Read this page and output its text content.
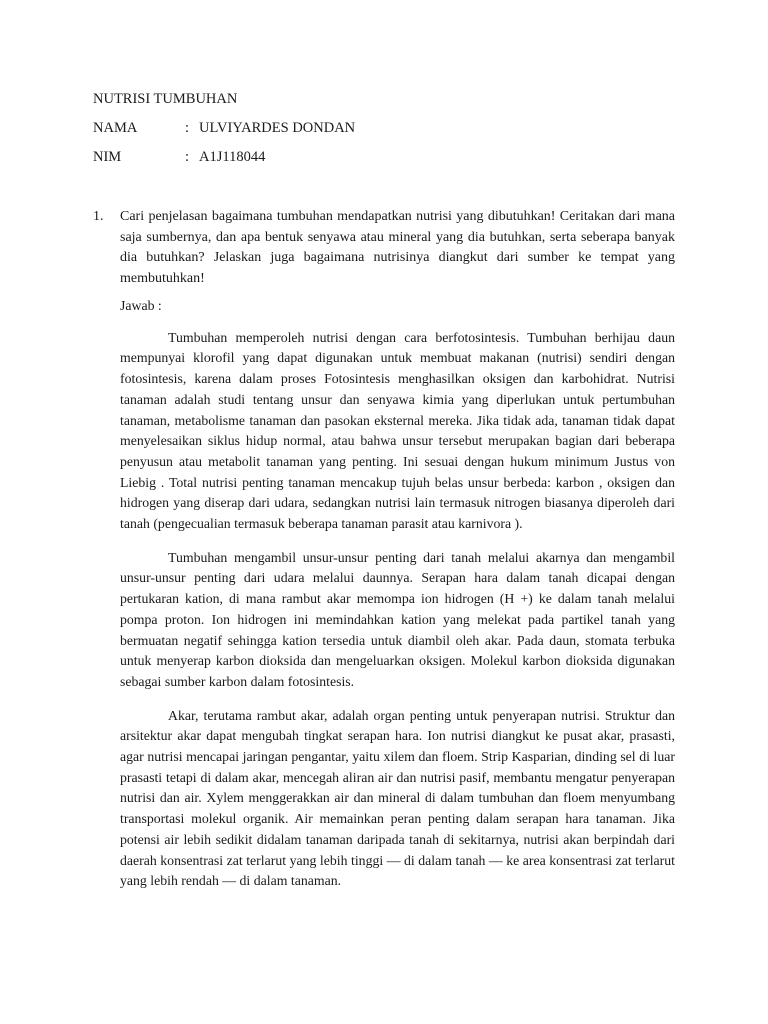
NUTRISI TUMBUHAN
NAMA	: ULVIYARDES DONDAN
NIM	: A1J118044
1. Cari penjelasan bagaimana tumbuhan mendapatkan nutrisi yang dibutuhkan! Ceritakan dari mana saja sumbernya, dan apa bentuk senyawa atau mineral yang dia butuhkan, serta seberapa banyak dia butuhkan? Jelaskan juga bagaimana nutrisinya diangkut dari sumber ke tempat yang membutuhkan!

Jawab :

Tumbuhan memperoleh nutrisi dengan cara berfotosintesis. Tumbuhan berhijau daun mempunyai klorofil yang dapat digunakan untuk membuat makanan (nutrisi) sendiri dengan fotosintesis, karena dalam proses Fotosintesis menghasilkan oksigen dan karbohidrat. Nutrisi tanaman adalah studi tentang unsur dan senyawa kimia yang diperlukan untuk pertumbuhan tanaman, metabolisme tanaman dan pasokan eksternal mereka. Jika tidak ada, tanaman tidak dapat menyelesaikan siklus hidup normal, atau bahwa unsur tersebut merupakan bagian dari beberapa penyusun atau metabolit tanaman yang penting. Ini sesuai dengan hukum minimum Justus von Liebig . Total nutrisi penting tanaman mencakup tujuh belas unsur berbeda: karbon , oksigen dan hidrogen yang diserap dari udara, sedangkan nutrisi lain termasuk nitrogen biasanya diperoleh dari tanah (pengecualian termasuk beberapa tanaman parasit atau karnivora ).

Tumbuhan mengambil unsur-unsur penting dari tanah melalui akarnya dan mengambil unsur-unsur penting dari udara melalui daunnya. Serapan hara dalam tanah dicapai dengan pertukaran kation, di mana rambut akar memompa ion hidrogen (H +) ke dalam tanah melalui pompa proton. Ion hidrogen ini memindahkan kation yang melekat pada partikel tanah yang bermuatan negatif sehingga kation tersedia untuk diambil oleh akar. Pada daun, stomata terbuka untuk menyerap karbon dioksida dan mengeluarkan oksigen. Molekul karbon dioksida digunakan sebagai sumber karbon dalam fotosintesis.

Akar, terutama rambut akar, adalah organ penting untuk penyerapan nutrisi. Struktur dan arsitektur akar dapat mengubah tingkat serapan hara. Ion nutrisi diangkut ke pusat akar, prasasti, agar nutrisi mencapai jaringan pengantar, yaitu xilem dan floem. Strip Kasparian, dinding sel di luar prasasti tetapi di dalam akar, mencegah aliran air dan nutrisi pasif, membantu mengatur penyerapan nutrisi dan air. Xylem menggerakkan air dan mineral di dalam tumbuhan dan floem menyumbang transportasi molekul organik. Air memainkan peran penting dalam serapan hara tanaman. Jika potensi air lebih sedikit didalam tanaman daripada tanah di sekitarnya, nutrisi akan berpindah dari daerah konsentrasi zat terlarut yang lebih tinggi — di dalam tanah — ke area konsentrasi zat terlarut yang lebih rendah — di dalam tanaman.
